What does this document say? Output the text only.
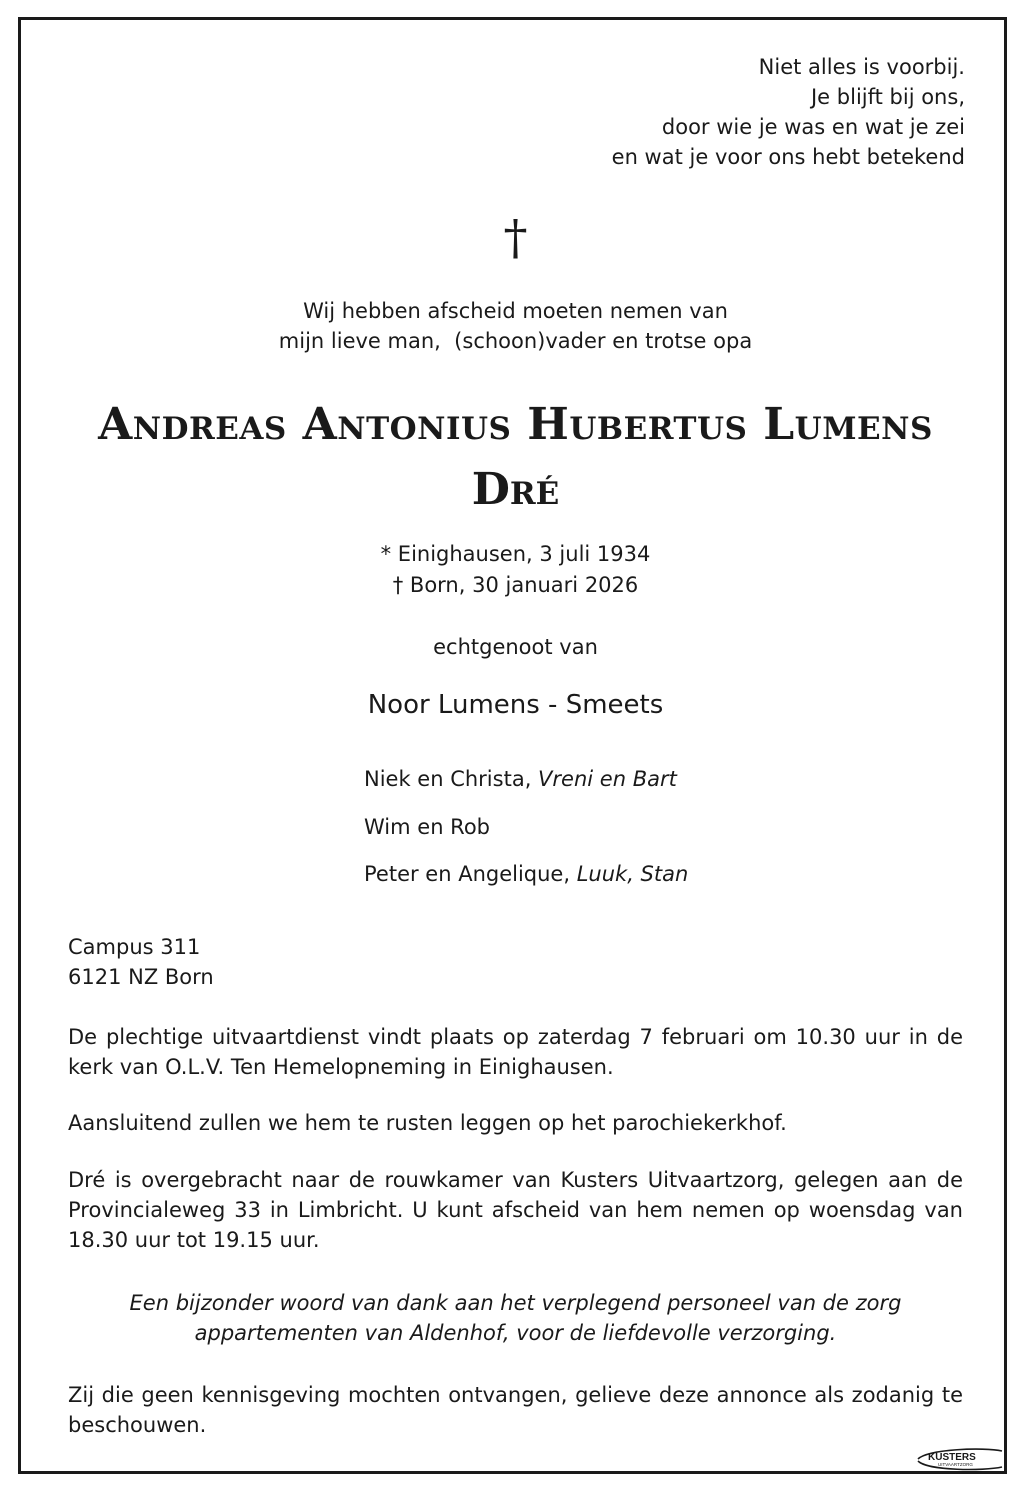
Niet alles is voorbij.
Je blijft bij ons,
door wie je was en wat je zei
en wat je voor ons hebt betekend
†
Wij hebben afscheid moeten nemen van
mijn lieve man,  (schoon)vader en trotse opa
Andreas Antonius Hubertus Lumens
Dré
* Einighausen, 3 juli 1934
† Born, 30 januari 2026
echtgenoot van
Noor Lumens - Smeets
Niek en Christa, Vreni en Bart
Wim en Rob
Peter en Angelique, Luuk, Stan
Campus 311
6121 NZ Born
De plechtige uitvaartdienst vindt plaats op zaterdag 7 februari om 10.30 uur in de kerk van O.L.V. Ten Hemelopneming in Einighausen.
Aansluitend zullen we hem te rusten leggen op het parochiekerkhof.
Dré is overgebracht naar de rouwkamer van Kusters Uitvaartzorg, gelegen aan de Provincialeweg 33 in Limbricht. U kunt afscheid van hem nemen op woensdag van 18.30 uur tot 19.15 uur.
Een bijzonder woord van dank aan het verplegend personeel van de zorg
appartementen van Aldenhof, voor de liefdevolle verzorging.
Zij die geen kennisgeving mochten ontvangen, gelieve deze annonce als zodanig te beschouwen.
KUSTERS
UITVAARTZORG
